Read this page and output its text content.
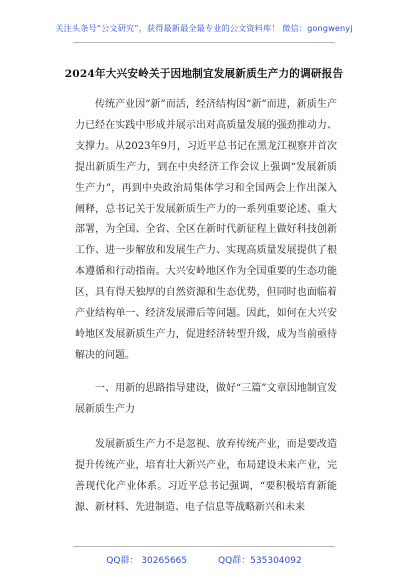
关注头条号“公文研究”，获得最新最全最专业的公文资料库！ 微信：gongwenyj
2024年大兴安岭关于因地制宜发展新质生产力的调研报告

传统产业因“新”而活，经济结构因“新”而进，新质生产力已经在实践中形成并展示出对高质量发展的强劲推动力、支撑力。从2023年9月，习近平总书记在黑龙江视察并首次提出新质生产力，到在中央经济工作会议上强调“发展新质生产力”，再到中央政治局集体学习和全国两会上作出深入阐释，总书记关于发展新质生产力的一系列重要论述、重大部署，为全国、全省、全区在新时代新征程上做好科技创新工作、进一步解放和发展生产力、实现高质量发展提供了根本遵循和行动指南。大兴安岭地区作为全国重要的生态功能区，具有得天独厚的自然资源和生态优势，但同时也面临着产业结构单一、经济发展滞后等问题。因此，如何在大兴安岭地区发展新质生产力，促进经济转型升级，成为当前亟待解决的问题。

一、用新的思路指导建设，做好“三篇”文章因地制宜发展新质生产力

发展新质生产力不是忽视、放弃传统产业，而是要改造提升传统产业，培育壮大新兴产业，布局建设未来产业，完善现代化产业体系。习近平总书记强调，“要积极培育新能源、新材料、先进制造、电子信息等战略新兴和未来

QQ群： 30265665	QQ群：535304092
